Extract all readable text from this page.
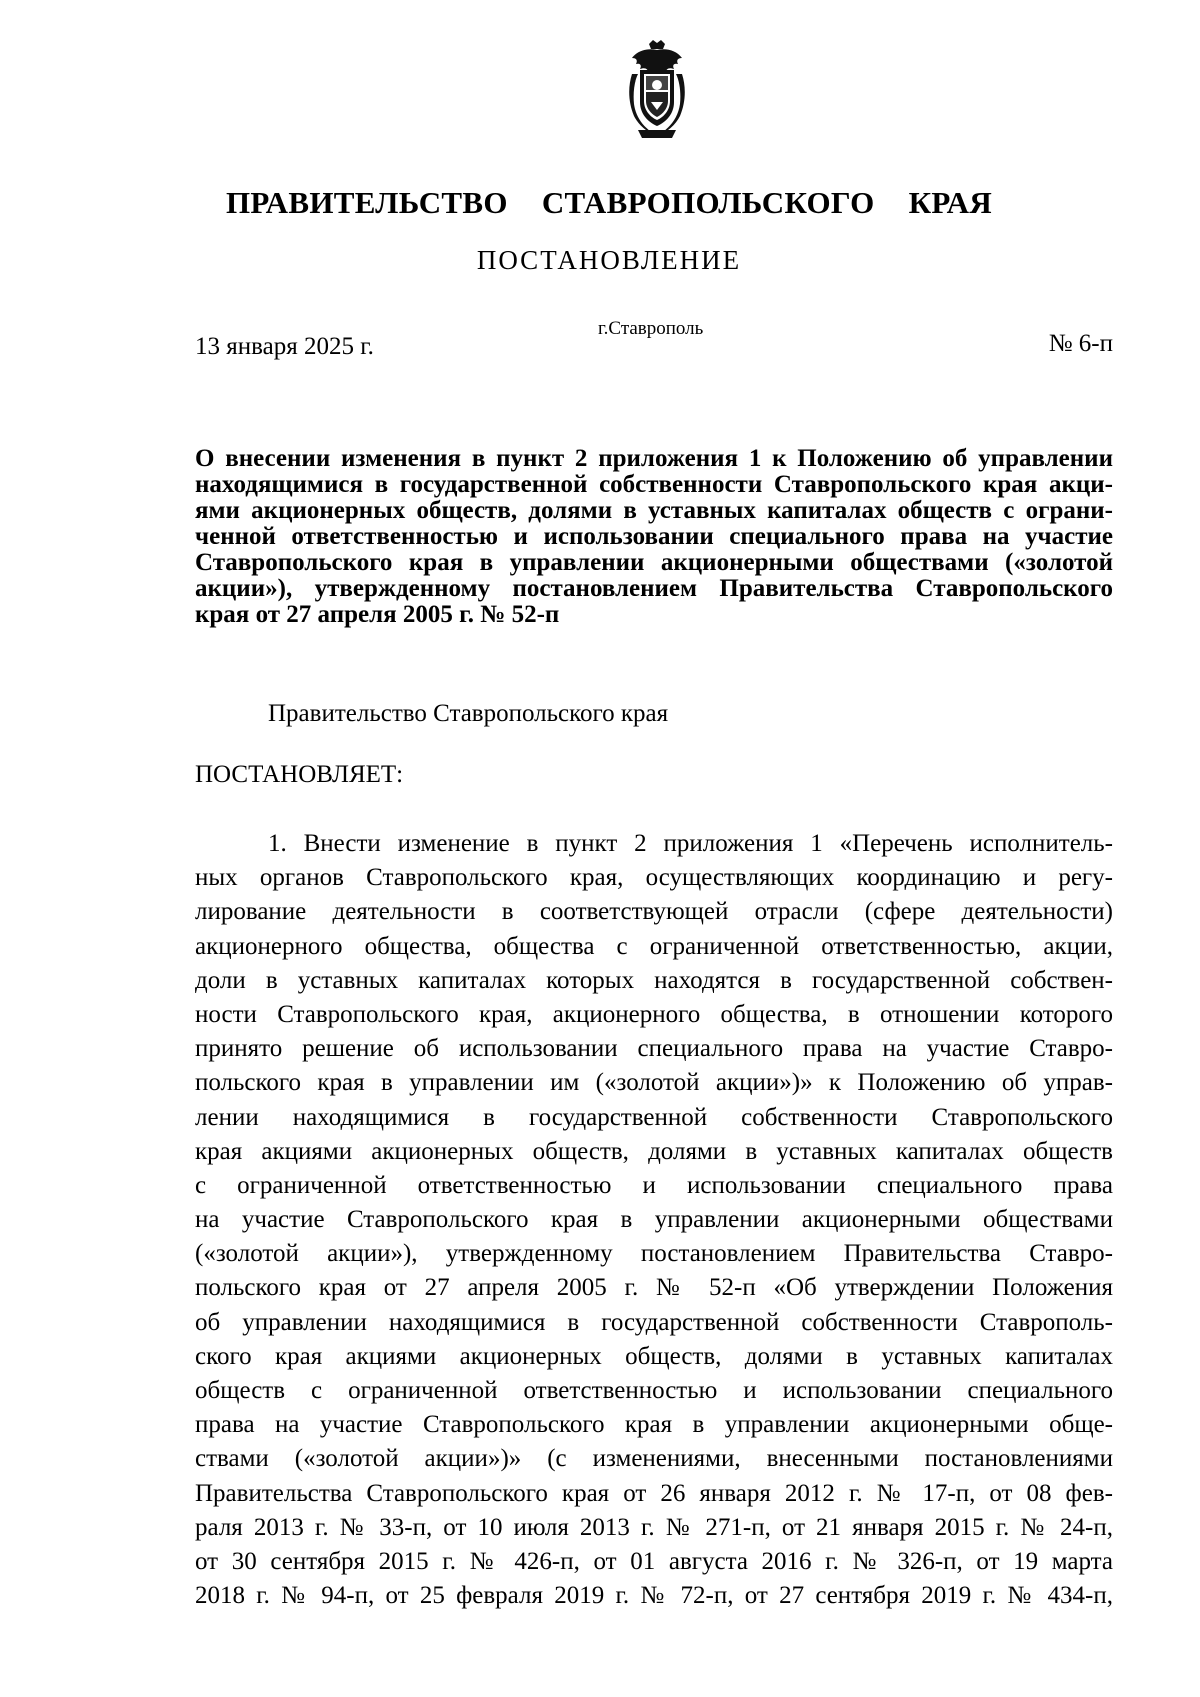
ПРАВИТЕЛЬСТВО СТАВРОПОЛЬСКОГО КРАЯ
ПОСТАНОВЛЕНИЕ
13 января 2025 г.
г.Ставрополь
№ 6-п
О внесении изменения в пункт 2 приложения 1 к Положению об управлении
находящимися в государственной собственности Ставропольского края акци-
ями акционерных обществ, долями в уставных капиталах обществ с ограни-
ченной ответственностью и использовании специального права на участие
Ставропольского края в управлении акционерными обществами («золотой
акции»), утвержденному постановлением Правительства Ставропольского
края от 27 апреля 2005 г. № 52-п
Правительство Ставропольского края
ПОСТАНОВЛЯЕТ:
1. Внести изменение в пункт 2 приложения 1 «Перечень исполнитель-
ных органов Ставропольского края, осуществляющих координацию и регу-
лирование деятельности в соответствующей отрасли (сфере деятельности)
акционерного общества, общества с ограниченной ответственностью, акции,
доли в уставных капиталах которых находятся в государственной собствен-
ности Ставропольского края, акционерного общества, в отношении которого
принято решение об использовании специального права на участие Ставро-
польского края в управлении им («золотой акции»)» к Положению об управ-
лении находящимися в государственной собственности Ставропольского
края акциями акционерных обществ, долями в уставных капиталах обществ
с ограниченной ответственностью и использовании специального права
на участие Ставропольского края в управлении акционерными обществами
(«золотой акции»), утвержденному постановлением Правительства Ставро-
польского края от 27 апреля 2005 г. № 52-п «Об утверждении Положения
об управлении находящимися в государственной собственности Ставрополь-
ского края акциями акционерных обществ, долями в уставных капиталах
обществ с ограниченной ответственностью и использовании специального
права на участие Ставропольского края в управлении акционерными обще-
ствами («золотой акции»)» (с изменениями, внесенными постановлениями
Правительства Ставропольского края от 26 января 2012 г. № 17-п, от 08 фев-
раля 2013 г. № 33-п, от 10 июля 2013 г. № 271-п, от 21 января 2015 г. № 24-п,
от 30 сентября 2015 г. № 426-п, от 01 августа 2016 г. № 326-п, от 19 марта
2018 г. № 94-п, от 25 февраля 2019 г. № 72-п, от 27 сентября 2019 г. № 434-п,
